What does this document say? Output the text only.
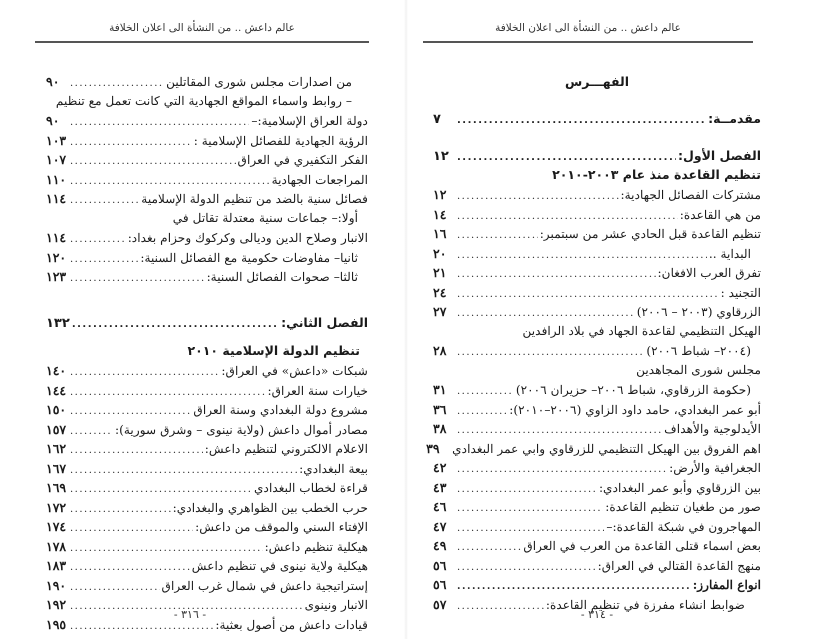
عالم داعش .. من النشأة الى اعلان الخلافة
من اصدارات مجلس شورى المقاتلين
.....
٩٠
– روابط واسماء المواقع الجهادية التي كانت تعمل مع تنظيم
دولة العراق الإسلامية:–
.....
٩٠
الرؤية الجهادية للفصائل الإسلامية :
.....
١٠٣
الفكر التكفيري في العراق
.....
١٠٧
المراجعات الجهادية
.....
١١٠
فصائل سنية بالضد من تنظيم الدولة الإسلامية
.....
١١٤
أولا:– جماعات سنية معتدلة تقاتل في
الانبار وصلاح الدين وديالى وكركوك وحزام بغداد:
.....
١١٤
ثانيا– مفاوضات حكومية مع الفصائل السنية:
.....
١٢٠
ثالثا– صحوات الفصائل السنية:
.....
١٢٣
الفصل الثاني:
.....
١٣٢
تنظيم الدولة الإسلامية ٢٠١٠
شبكات «داعش» في العراق:
.....
١٤٠
خيارات سنة العراق:
.....
١٤٤
مشروع دولة البغدادي وسنة العراق
.....
١٥٠
مصادر أموال داعش (ولاية نينوى – وشرق سورية):
.....
١٥٧
الاعلام الالكتروني لتنظيم داعش:
.....
١٦٢
بيعة البغدادي:
.....
١٦٧
قراءة لخطاب البغدادي
.....
١٦٩
حرب الخطب بين الظواهري والبغدادي:
.....
١٧٢
الإفتاء السني والموقف من داعش:
.....
١٧٤
هيكلية تنظيم داعش:
.....
١٧٨
هيكلية ولاية نينوى في تنظيم داعش
.....
١٨٣
إستراتيجية داعش في شمال غرب العراق
.....
١٩٠
الانبار ونينوى
.....
١٩٢
قيادات داعش من أصول بعثية:
.....
١٩٥
- ٣١٦ -
عالم داعش .. من النشأة الى اعلان الخلافة
الفهـــرس
مقدمــة:
.....
٧
الفصل الأول:
.....
١٢
تنظيم القاعدة منذ عام ٢٠٠٣-٢٠١٠
مشتركات الفصائل الجهادية:
.....
١٢
من هي القاعدة:
.....
١٤
تنظيم القاعدة قبل الحادي عشر من سبتمبر:
.....
١٦
البداية ..
.....
٢٠
تفرق العرب الافغان:
.....
٢١
التجنيد :
.....
٢٤
الزرقاوي (٢٠٠٣ – ٢٠٠٦)
.....
٢٧
الهيكل التنظيمي لقاعدة الجهاد في بلاد الرافدين
(٢٠٠٤– شباط ٢٠٠٦)
.....
٢٨
مجلس شورى المجاهدين
(حكومة الزرقاوي، شباط ٢٠٠٦– حزيران ٢٠٠٦)
.....
٣١
أبو عمر البغدادي، حامد داود الزاوي (٢٠٠٦–٢٠١٠):
.....
٣٦
الأيدلوجية والأهداف
.....
٣٨
اهم الفروق بين الهيكل التنظيمي للزرقاوي وابي عمر البغدادي
٣٩
الجغرافية والأرض:
.....
٤٢
بين الزرقاوي وأبو عمر البغدادي:
.....
٤٣
صور من طغيان تنظيم القاعدة:
.....
٤٦
المهاجرون في شبكة القاعدة:–
.....
٤٧
بعض اسماء قتلى القاعدة من العرب في العراق
.....
٤٩
منهج القاعدة القتالي في العراق:
.....
٥٦
انواع المفارز:
.....
٥٦
ضوابط انشاء مفرزة في تنظيم القاعدة:
.....
٥٧
- ٣١٤ -
